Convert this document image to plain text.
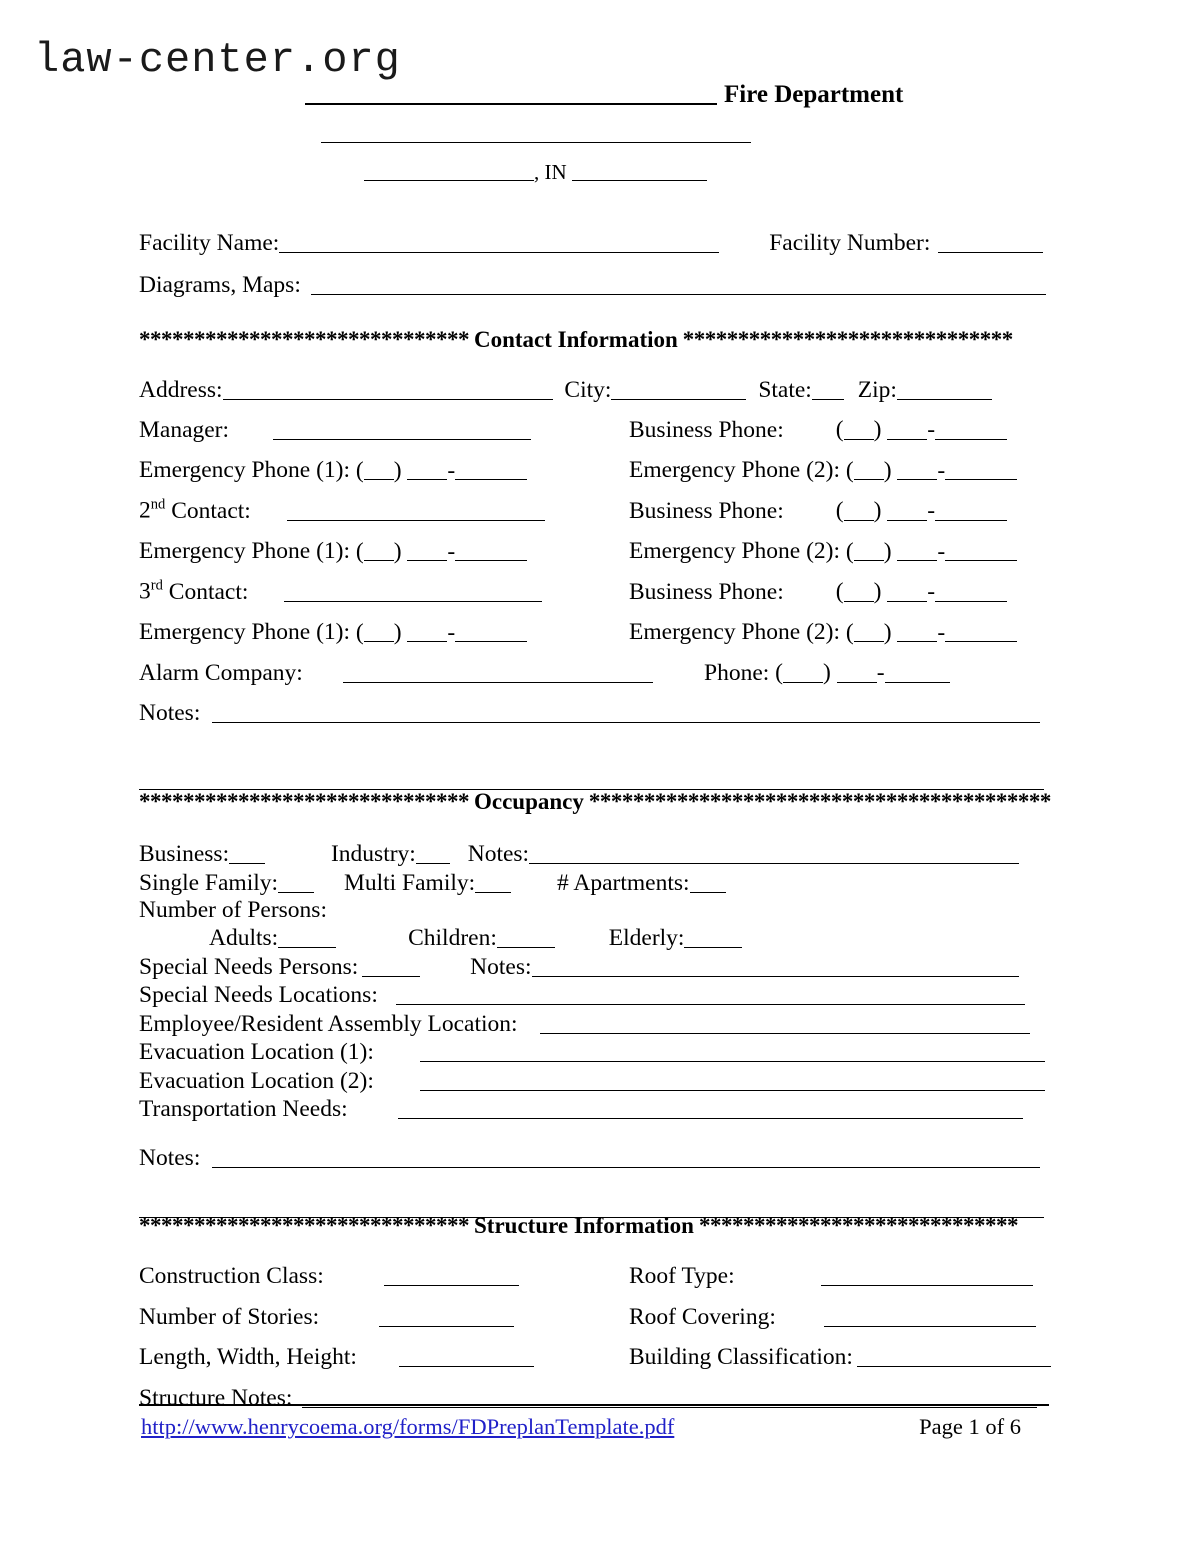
law-center.org
Fire Department
, IN
Facility Name:	Facility Number:
Diagrams, Maps:
****************************** Contact Information ******************************
Address:	City:	State: Zip:
Manager:	Business Phone: ( ) -
Emergency Phone (1): ( ) -	Emergency Phone (2): ( ) -
2nd Contact:	Business Phone: ( ) -
Emergency Phone (1): ( ) -	Emergency Phone (2): ( ) -
3rd Contact:	Business Phone: ( ) -
Emergency Phone (1): ( ) -	Emergency Phone (2): ( ) -
Alarm Company:	Phone: ( ) -
Notes:
****************************** Occupancy ******************************************
Business:	Industry: Notes:
Single Family:	Multi Family:	# Apartments:
Number of Persons:
Adults:	Children:	Elderly:
Special Needs Persons:	Notes:
Special Needs Locations:
Employee/Resident Assembly Location:
Evacuation Location (1):
Evacuation Location (2):
Transportation Needs:
Notes:
****************************** Structure Information *****************************
Construction Class:	Roof Type:
Number of Stories:	Roof Covering:
Length, Width, Height:	Building Classification:
Structure Notes:
http://www.henrycoema.org/forms/FDPreplanTemplate.pdf	Page 1 of 6
